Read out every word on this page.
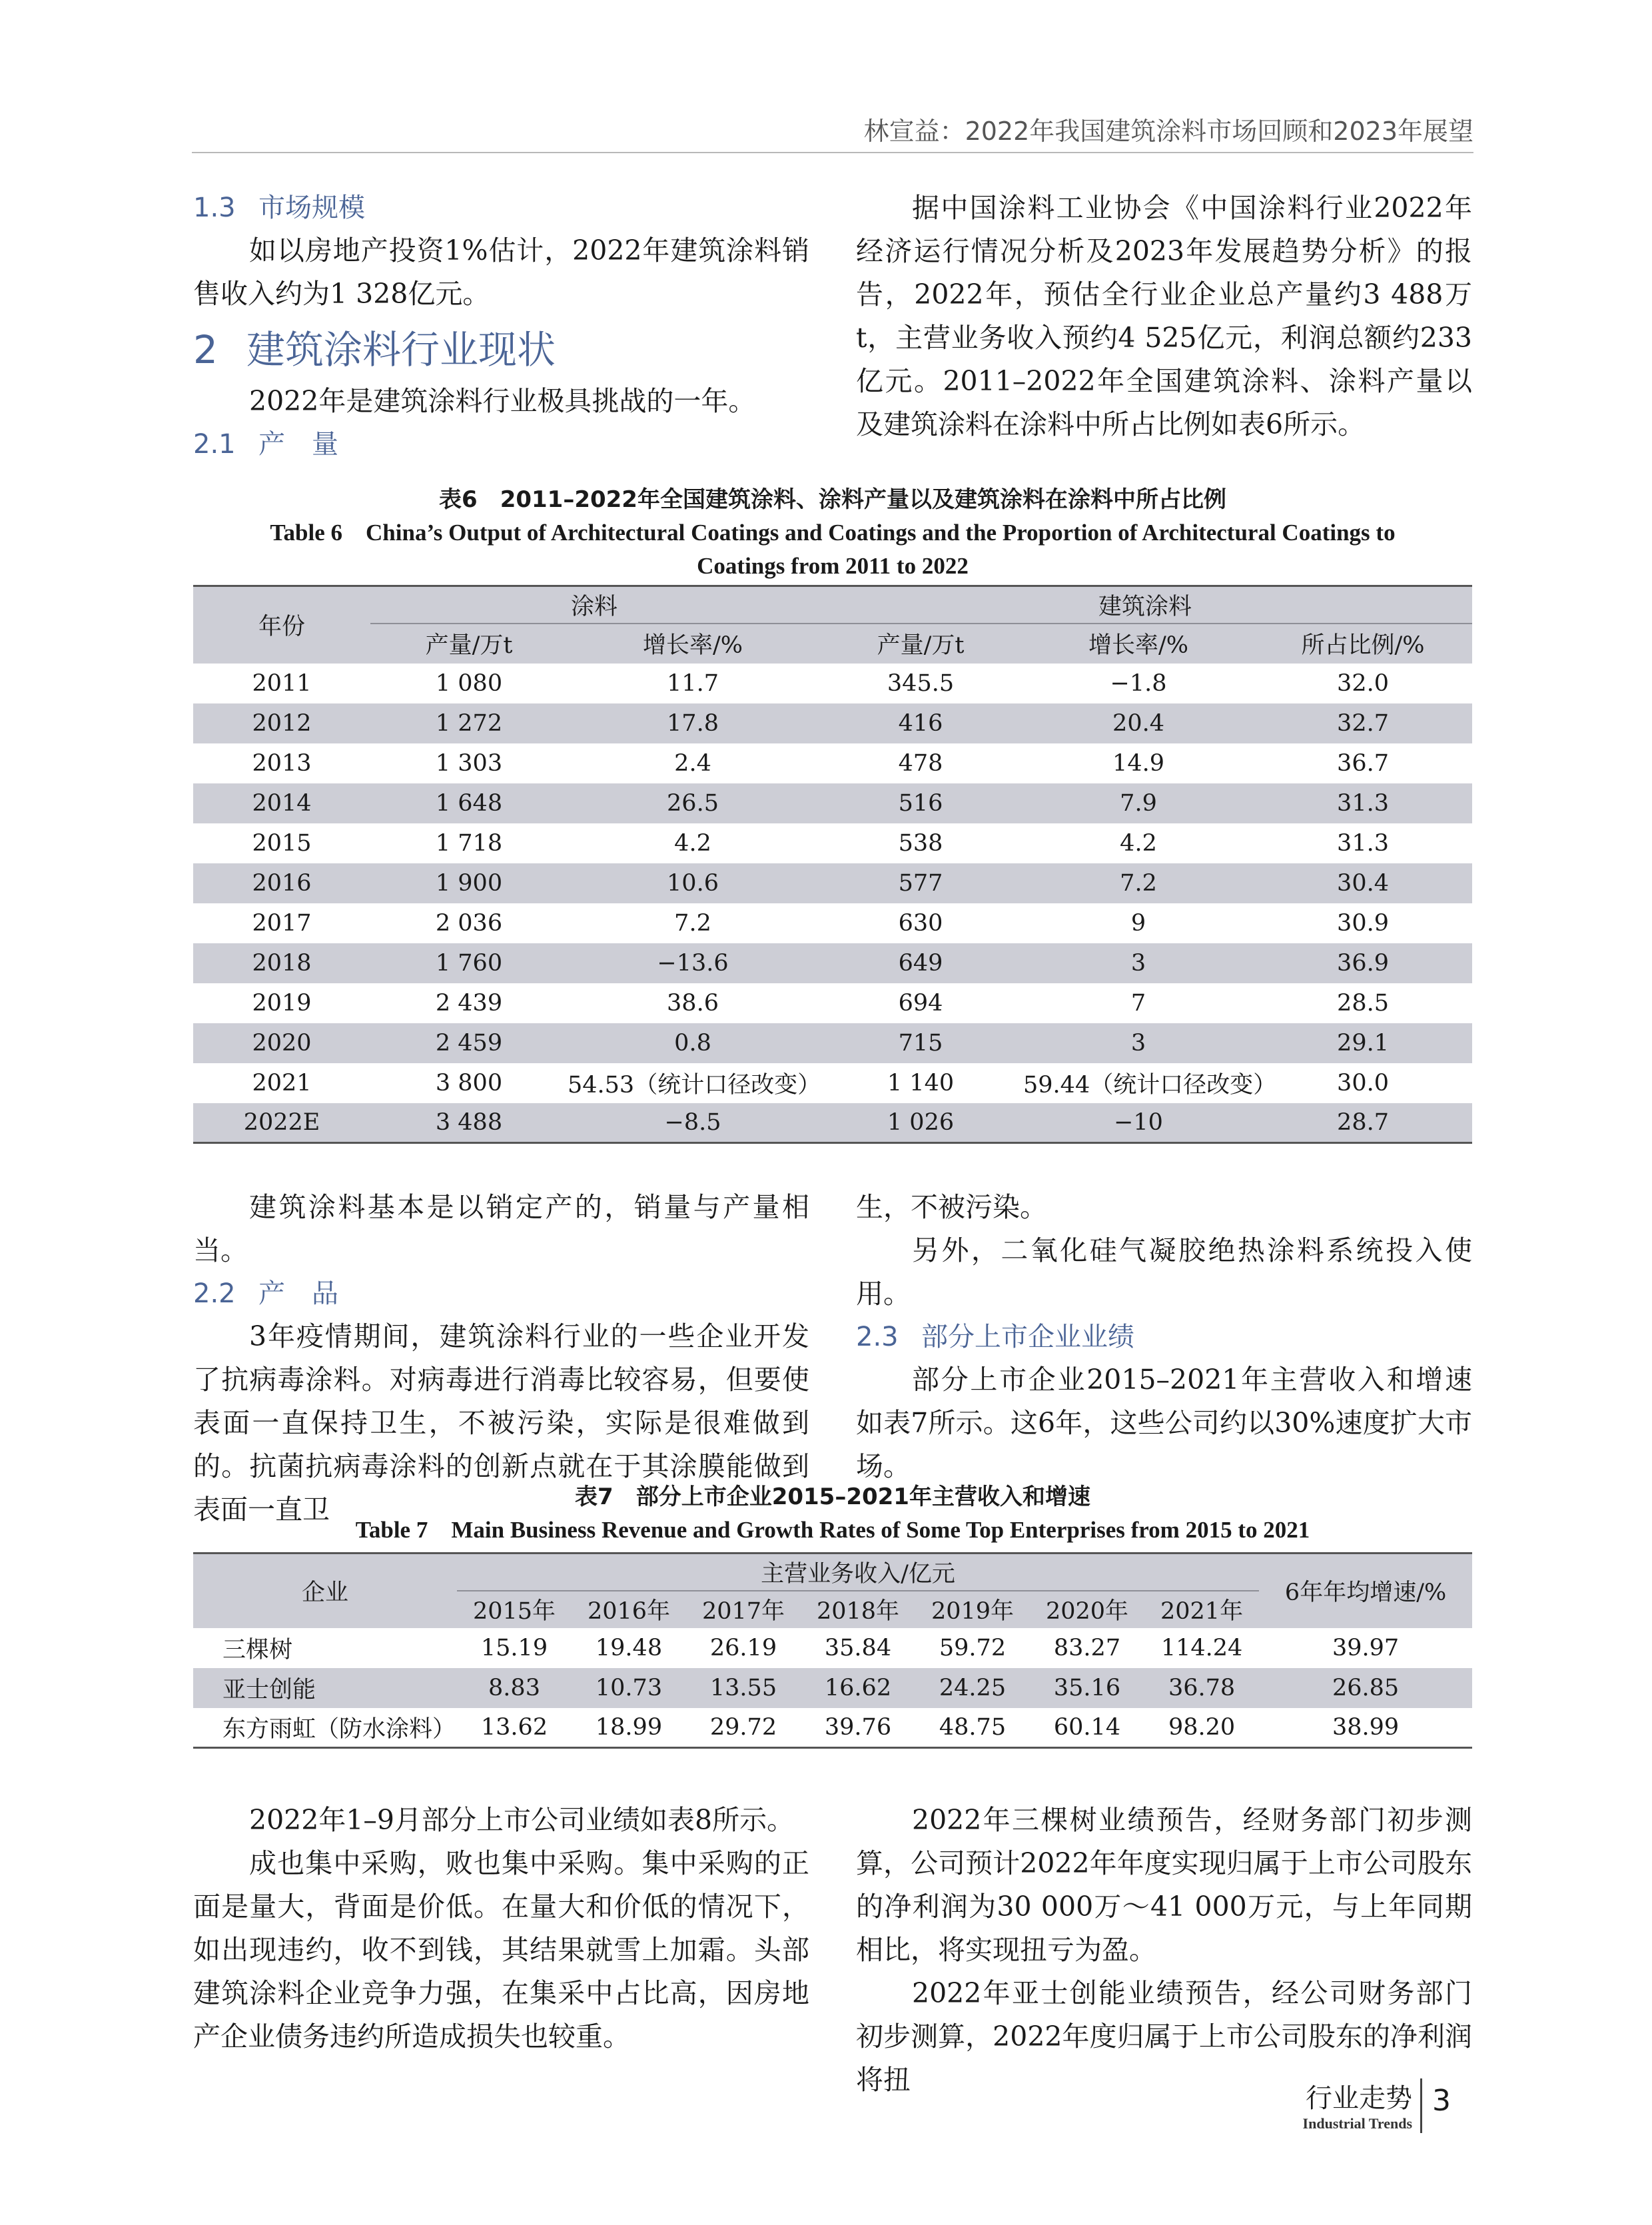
林宣益：2022年我国建筑涂料市场回顾和2023年展望
1.3 市场规模

如以房地产投资1%估计，2022年建筑涂料销售收入约为1 328亿元。

2 建筑涂料行业现状

2022年是建筑涂料行业极具挑战的一年。

2.1 产　量

据中国涂料工业协会《中国涂料行业2022年经济运行情况分析及2023年发展趋势分析》的报告，2022年，预估全行业企业总产量约3 488万t，主营业务收入预约4 525亿元，利润总额约233亿元。2011–2022年全国建筑涂料、涂料产量以及建筑涂料在涂料中所占比例如表6所示。

表6　2011–2022年全国建筑涂料、涂料产量以及建筑涂料在涂料中所占比例
Table 6　China’s Output of Architectural Coatings and Coatings and the Proportion of Architectural Coatings to Coatings from 2011 to 2022
年份	涂料		建筑涂料		
	产量/万t	增长率/%	产量/万t	增长率/%	所占比例/%
2011	1 080	11.7	345.5	−1.8	32.0
2012	1 272	17.8	416	20.4	32.7
2013	1 303	2.4	478	14.9	36.7
2014	1 648	26.5	516	7.9	31.3
2015	1 718	4.2	538	4.2	31.3
2016	1 900	10.6	577	7.2	30.4
2017	2 036	7.2	630	9	30.9
2018	1 760	−13.6	649	3	36.9
2019	2 439	38.6	694	7	28.5
2020	2 459	0.8	715	3	29.1
2021	3 800	54.53（统计口径改变）	1 140	59.44（统计口径改变）	30.0
2022E	3 488	−8.5	1 026	−10	28.7

建筑涂料基本是以销定产的，销量与产量相当。

2.2 产　品

3年疫情期间，建筑涂料行业的一些企业开发了抗病毒涂料。对病毒进行消毒比较容易，但要使表面一直保持卫生，不被污染，实际是很难做到的。抗菌抗病毒涂料的创新点就在于其涂膜能做到表面一直卫

生，不被污染。

另外，二氧化硅气凝胶绝热涂料系统投入使用。

2.3 部分上市企业业绩

部分上市企业2015–2021年主营收入和增速如表7所示。这6年，这些公司约以30%速度扩大市场。

表7　部分上市企业2015–2021年主营收入和增速
Table 7　Main Business Revenue and Growth Rates of Some Top Enterprises from 2015 to 2021
企业	主营业务收入/亿元							6年年均增速/%
	2015年	2016年	2017年	2018年	2019年	2020年	2021年	
三棵树	15.19	19.48	26.19	35.84	59.72	83.27	114.24	39.97
亚士创能	8.83	10.73	13.55	16.62	24.25	35.16	36.78	26.85
东方雨虹（防水涂料）	13.62	18.99	29.72	39.76	48.75	60.14	98.20	38.99

2022年1–9月部分上市公司业绩如表8所示。

成也集中采购，败也集中采购。集中采购的正面是量大，背面是价低。在量大和价低的情况下，如出现违约，收不到钱，其结果就雪上加霜。头部建筑涂料企业竞争力强，在集采中占比高，因房地产企业债务违约所造成损失也较重。

2022年三棵树业绩预告，经财务部门初步测算，公司预计2022年年度实现归属于上市公司股东的净利润为30 000万～41 000万元，与上年同期相比，将实现扭亏为盈。

2022年亚士创能业绩预告，经公司财务部门初步测算，2022年度归属于上市公司股东的净利润将扭

行业走势
Industrial Trends
3
